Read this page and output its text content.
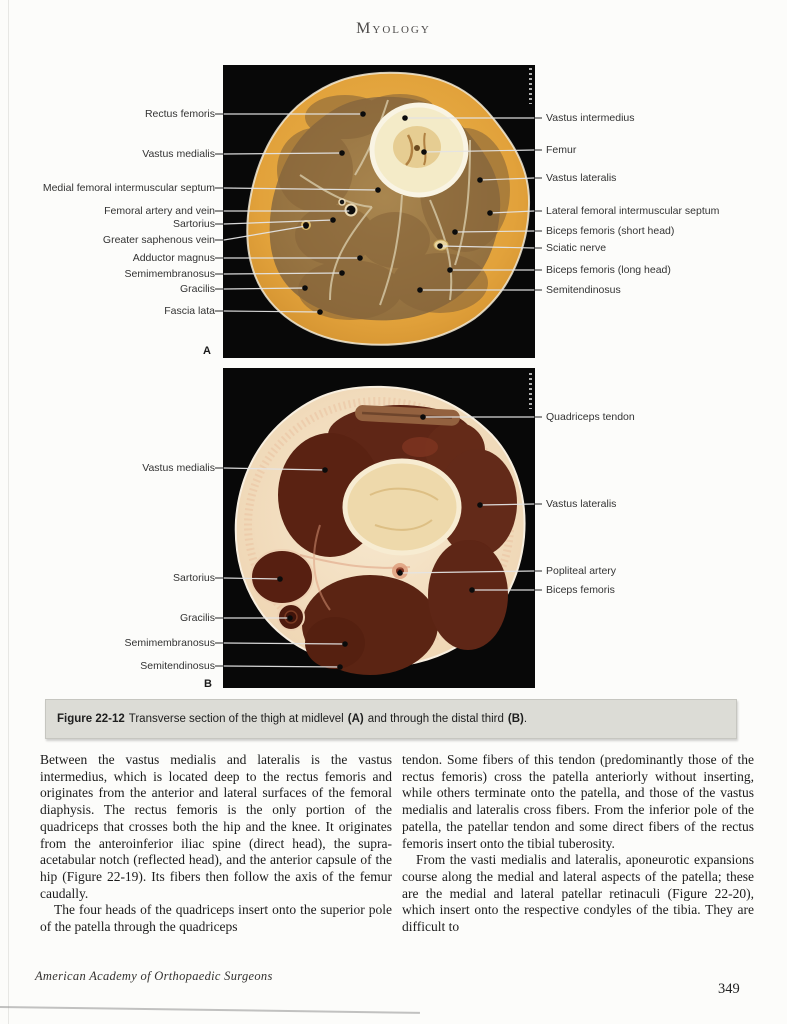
Myology
Rectus femoris
Vastus medialis
Medial femoral intermuscular septum
Femoral artery and vein
Sartorius
Greater saphenous vein
Adductor magnus
Semimembranosus
Gracilis
Fascia lata
Vastus intermedius
Femur
Vastus lateralis
Lateral femoral intermuscular septum
Biceps femoris (short head)
Sciatic nerve
Biceps femoris (long head)
Semitendinosus
A
Vastus medialis
Sartorius
Gracilis
Semimembranosus
Semitendinosus
Quadriceps tendon
Vastus lateralis
Popliteal artery
Biceps femoris
B
Figure 22-12 Transverse section of the thigh at midlevel (A) and through the distal third (B) .

Between the vastus medialis and lateralis is the vastus intermedius, which is located deep to the rectus femoris and originates from the anterior and lateral surfaces of the femoral diaphysis. The rectus femoris is the only portion of the quadriceps that crosses both the hip and the knee. It originates from the anteroinferior iliac spine (direct head), the supra-acetabular notch (reflected head), and the anterior capsule of the hip (Figure 22-19). Its fibers then follow the axis of the femur caudally.

The four heads of the quadriceps insert onto the superior pole of the patella through the quadriceps

tendon. Some fibers of this tendon (predominantly those of the rectus femoris) cross the patella anteriorly without inserting, while others terminate onto the patella, and those of the vastus medialis and lateralis cross fibers. From the inferior pole of the patella, the patellar tendon and some direct fibers of the rectus femoris insert onto the tibial tuberosity.

From the vasti medialis and lateralis, aponeurotic expansions course along the medial and lateral aspects of the patella; these are the medial and lateral patellar retinaculi (Figure 22-20), which insert onto the respective condyles of the tibia. They are difficult to

American Academy of Orthopaedic Surgeons
349
